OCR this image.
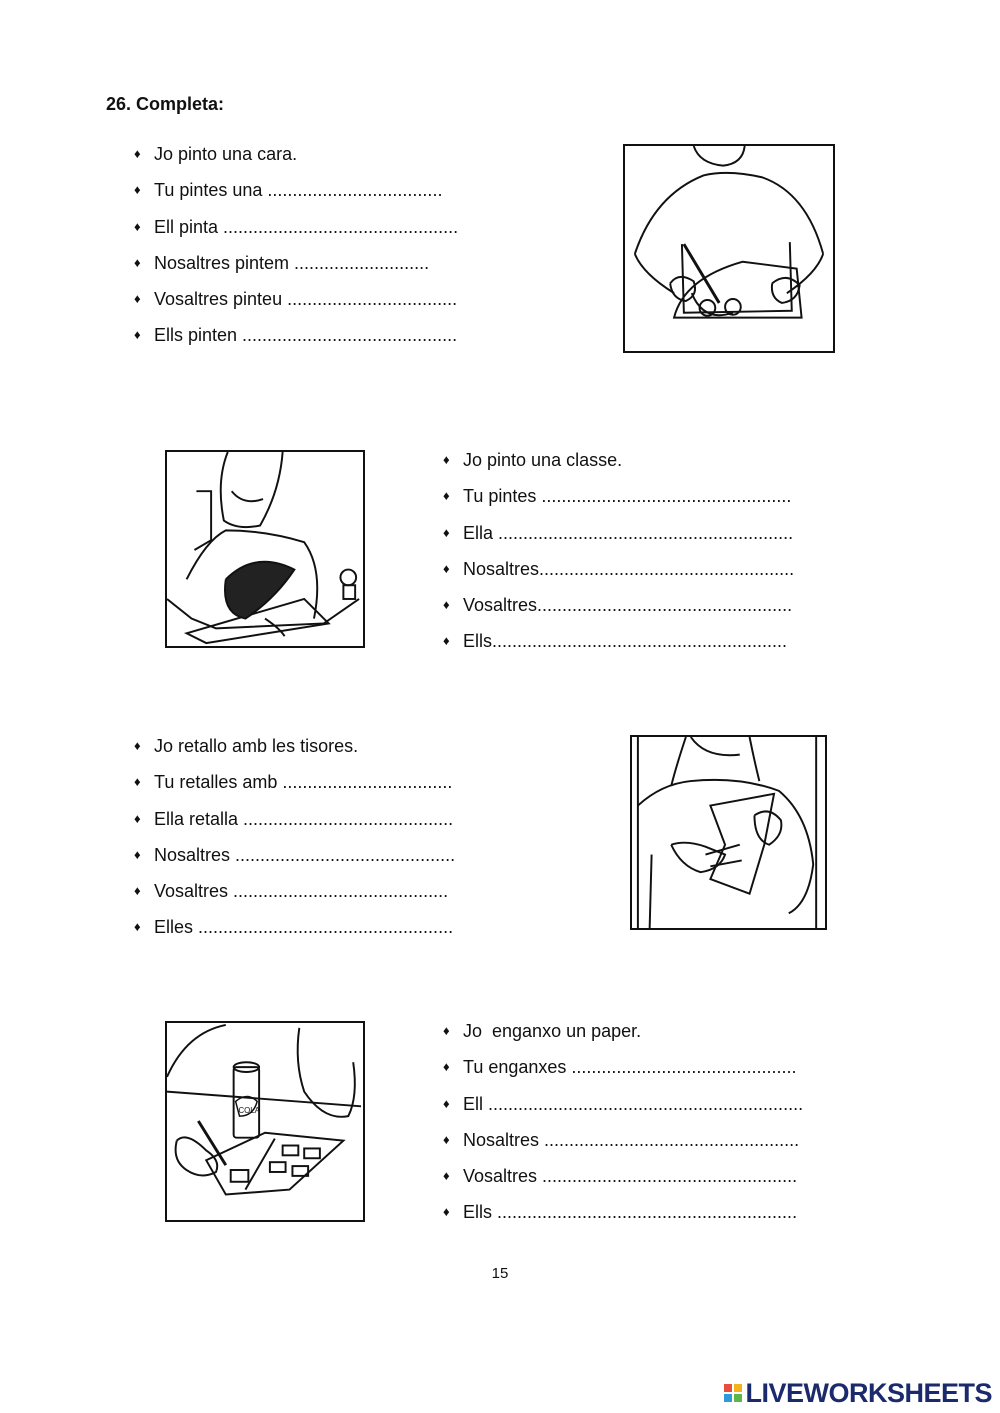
26. Completa:
♦ Jo pinto una cara.
♦ Tu pintes una ...................................
♦ Ell pinta ...............................................
♦ Nosaltres pintem ...........................
♦ Vosaltres pinteu ..................................
♦ Ells pinten ...........................................
♦ Jo pinto una classe.
♦ Tu pintes ..................................................
♦ Ella ...........................................................
♦ Nosaltres...................................................
♦ Vosaltres...................................................
♦ Ells...........................................................
♦ Jo retallo amb les tisores.
♦ Tu retalles amb ..................................
♦ Ella retalla ..........................................
♦ Nosaltres ............................................
♦ Vosaltres ...........................................
♦ Elles ...................................................
COLA
♦ Jo  enganxo un paper.
♦ Tu enganxes .............................................
♦ Ell ...............................................................
♦ Nosaltres ...................................................
♦ Vosaltres ...................................................
♦ Ells ............................................................
15
LIVEWORKSHEETS
